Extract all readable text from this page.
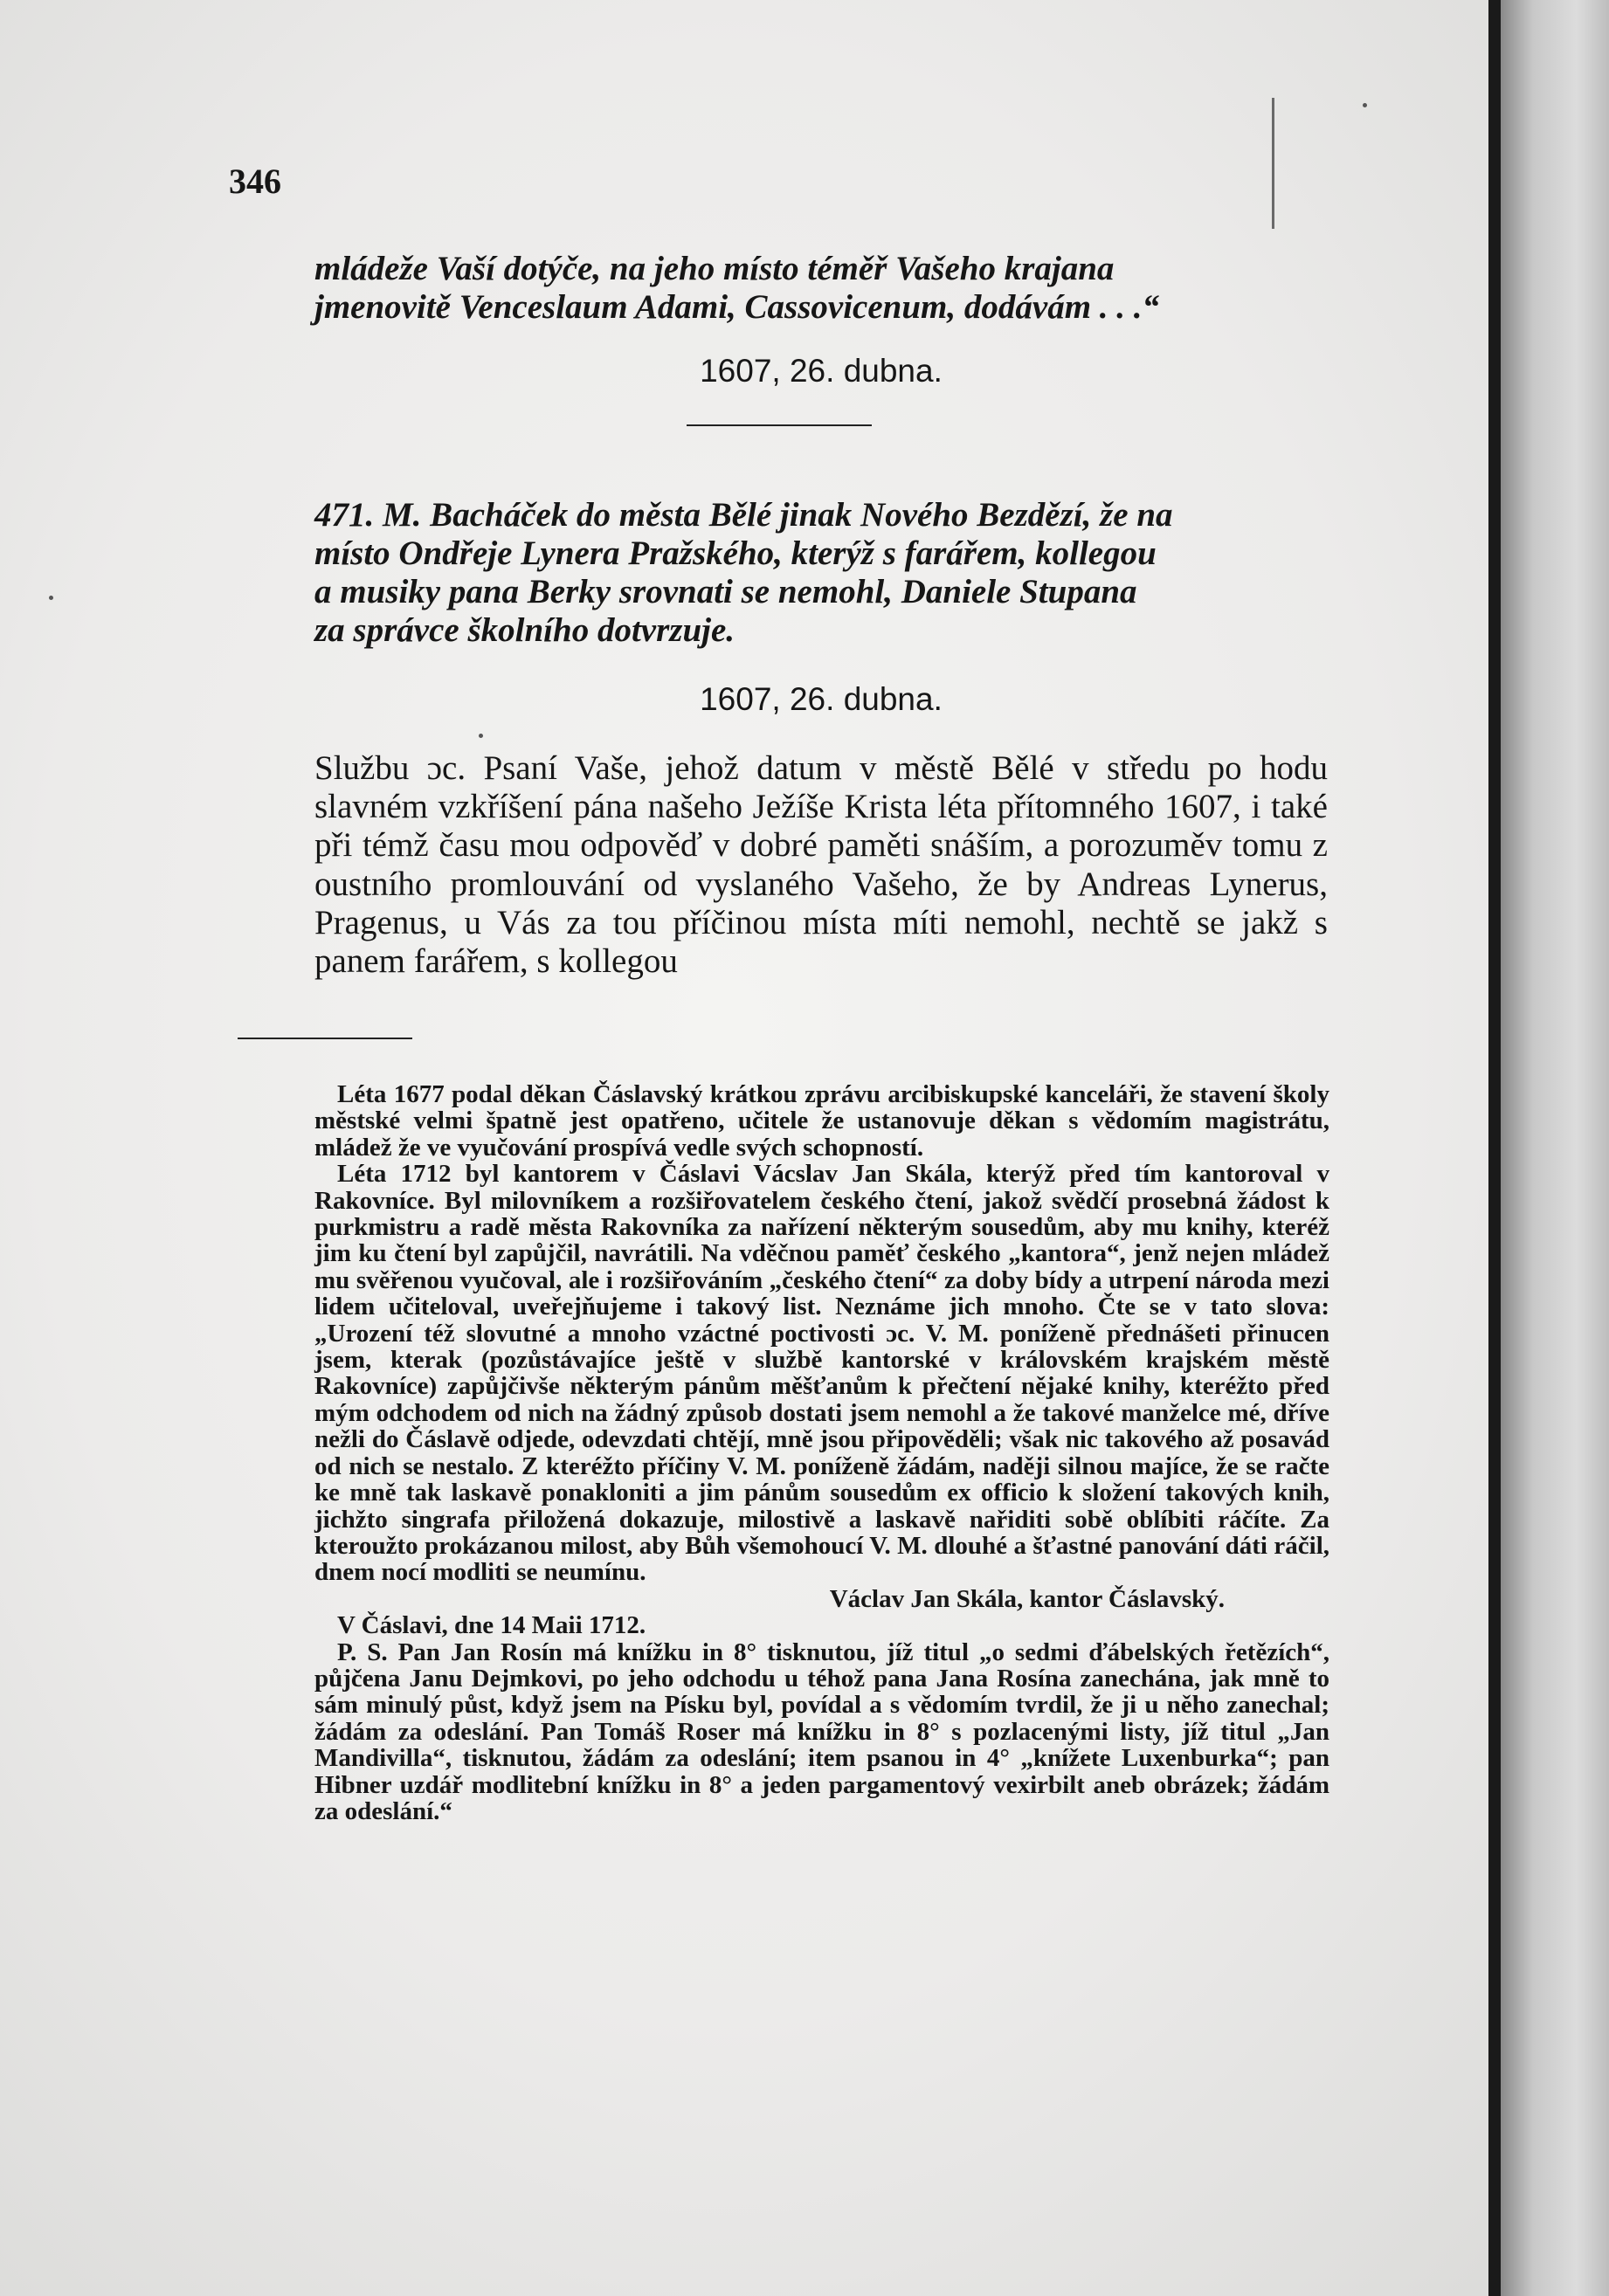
346
mládeže Vaší dotýče, na jeho místo téměř Vašeho krajana
jmenovitě Venceslaum Adami, Cassovicenum, dodávám . . .“
1607, 26. dubna.
471. M. Bacháček do města Bělé jinak Nového Bezdězí, že na
místo Ondřeje Lynera Pražského, kterýž s farářem, kollegou
a musiky pana Berky srovnati se nemohl, Daniele Stupana
za správce školního dotvrzuje.
1607, 26. dubna.
Službu ɔc. Psaní Vaše, jehož datum v městě Bělé v středu po hodu slavném vzkříšení pána našeho Ježíše Krista léta přítomného 1607, i také při témž času mou odpověď v dobré paměti snáším, a porozuměv tomu z oustního promlouvání od vyslaného Vašeho, že by Andreas Lynerus, Pragenus, u Vás za tou příčinou místa míti nemohl, nechtě se jakž s panem farářem, s kollegou

Léta 1677 podal děkan Čáslavský krátkou zprávu arcibiskupské kanceláři, že stavení školy městské velmi špatně jest opatřeno, učitele že ustanovuje děkan s vědomím magistrátu, mládež že ve vyučování prospívá vedle svých schopností.

Léta 1712 byl kantorem v Čáslavi Vácslav Jan Skála, kterýž před tím kantoroval v Rakovníce. Byl milovníkem a rozšiřovatelem českého čtení, jakož svědčí prosebná žádost k purkmistru a radě města Rakovníka za nařízení některým sousedům, aby mu knihy, kteréž jim ku čtení byl zapůjčil, navrátili. Na vděčnou paměť českého „kantora“, jenž nejen mládež mu svěřenou vyučoval, ale i rozšiřováním „českého čtení“ za doby bídy a utrpení národa mezi lidem učiteloval, uveřejňujeme i takový list. Neznáme jich mnoho. Čte se v tato slova: „Urození též slovutné a mnoho vzáctné poctivosti ɔc. V. M. poníženě přednášeti přinucen jsem, kterak (pozůstávajíce ještě v službě kantorské v královském krajském městě Rakovníce) zapůjčivše některým pánům měšťanům k přečtení nějaké knihy, kteréžto před mým odchodem od nich na žádný způsob dostati jsem nemohl a že takové manželce mé, dříve nežli do Čáslavě odjede, odevzdati chtějí, mně jsou připověděli; však nic takového až posavád od nich se nestalo. Z kteréžto příčiny V. M. poníženě žádám, naději silnou majíce, že se račte ke mně tak laskavě ponakloniti a jim pánům sousedům ex officio k složení takových knih, jichžto singrafa přiložená dokazuje, milostivě a laskavě nařiditi sobě oblíbiti ráčíte. Za kteroužto prokázanou milost, aby Bůh všemohoucí V. M. dlouhé a šťastné panování dáti ráčil, dnem nocí modliti se neumínu.

Václav Jan Skála, kantor Čáslavský.

V Čáslavi, dne 14 Maii 1712.

P. S. Pan Jan Rosín má knížku in 8° tisknutou, jíž titul „o sedmi ďábelských řetězích“, půjčena Janu Dejmkovi, po jeho odchodu u téhož pana Jana Rosína zanechána, jak mně to sám minulý půst, když jsem na Písku byl, povídal a s vědomím tvrdil, že ji u něho zanechal; žádám za odeslání. Pan Tomáš Roser má knížku in 8° s pozlacenými listy, jíž titul „Jan Mandivilla“, tisknutou, žádám za odeslání; item psanou in 4° „knížete Luxenburka“; pan Hibner uzdář modlitební knížku in 8° a jeden pargamentový vexirbilt aneb obrázek; žádám za odeslání.“
